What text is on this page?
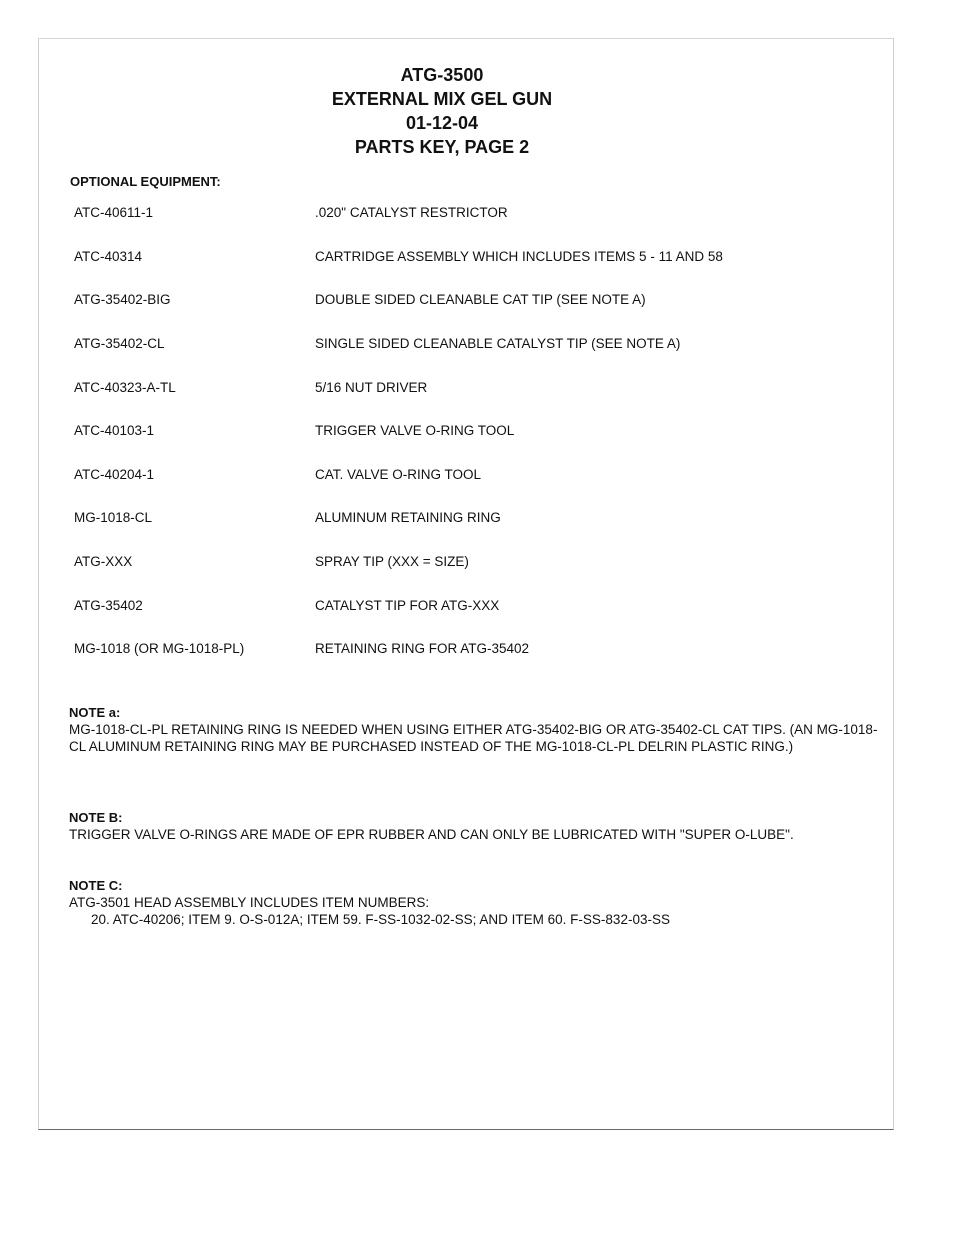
ATG-3500
EXTERNAL MIX GEL GUN
01-12-04
PARTS KEY, PAGE 2
OPTIONAL EQUIPMENT:
ATC-40611-1	.020" CATALYST RESTRICTOR
ATC-40314	CARTRIDGE ASSEMBLY WHICH INCLUDES ITEMS 5 - 11 AND 58
ATG-35402-BIG	DOUBLE SIDED CLEANABLE CAT TIP (SEE NOTE A)
ATG-35402-CL	SINGLE SIDED CLEANABLE CATALYST TIP (SEE NOTE A)
ATC-40323-A-TL	5/16 NUT DRIVER
ATC-40103-1	TRIGGER VALVE O-RING TOOL
ATC-40204-1	CAT. VALVE O-RING TOOL
MG-1018-CL	ALUMINUM RETAINING RING
ATG-XXX	SPRAY TIP (XXX = SIZE)
ATG-35402	CATALYST TIP FOR ATG-XXX
MG-1018 (OR MG-1018-PL)	RETAINING RING FOR ATG-35402
NOTE a:
MG-1018-CL-PL RETAINING RING IS NEEDED WHEN USING EITHER ATG-35402-BIG OR ATG-35402-CL CAT TIPS. (AN MG-1018-CL ALUMINUM RETAINING RING MAY BE PURCHASED INSTEAD OF THE MG-1018-CL-PL DELRIN PLASTIC RING.)
NOTE B:
TRIGGER VALVE O-RINGS ARE MADE OF EPR RUBBER AND CAN ONLY BE LUBRICATED WITH "SUPER O-LUBE".
NOTE C:
ATG-3501 HEAD ASSEMBLY INCLUDES ITEM NUMBERS:
20. ATC-40206; ITEM 9. O-S-012A; ITEM 59. F-SS-1032-02-SS; AND ITEM 60. F-SS-832-03-SS
